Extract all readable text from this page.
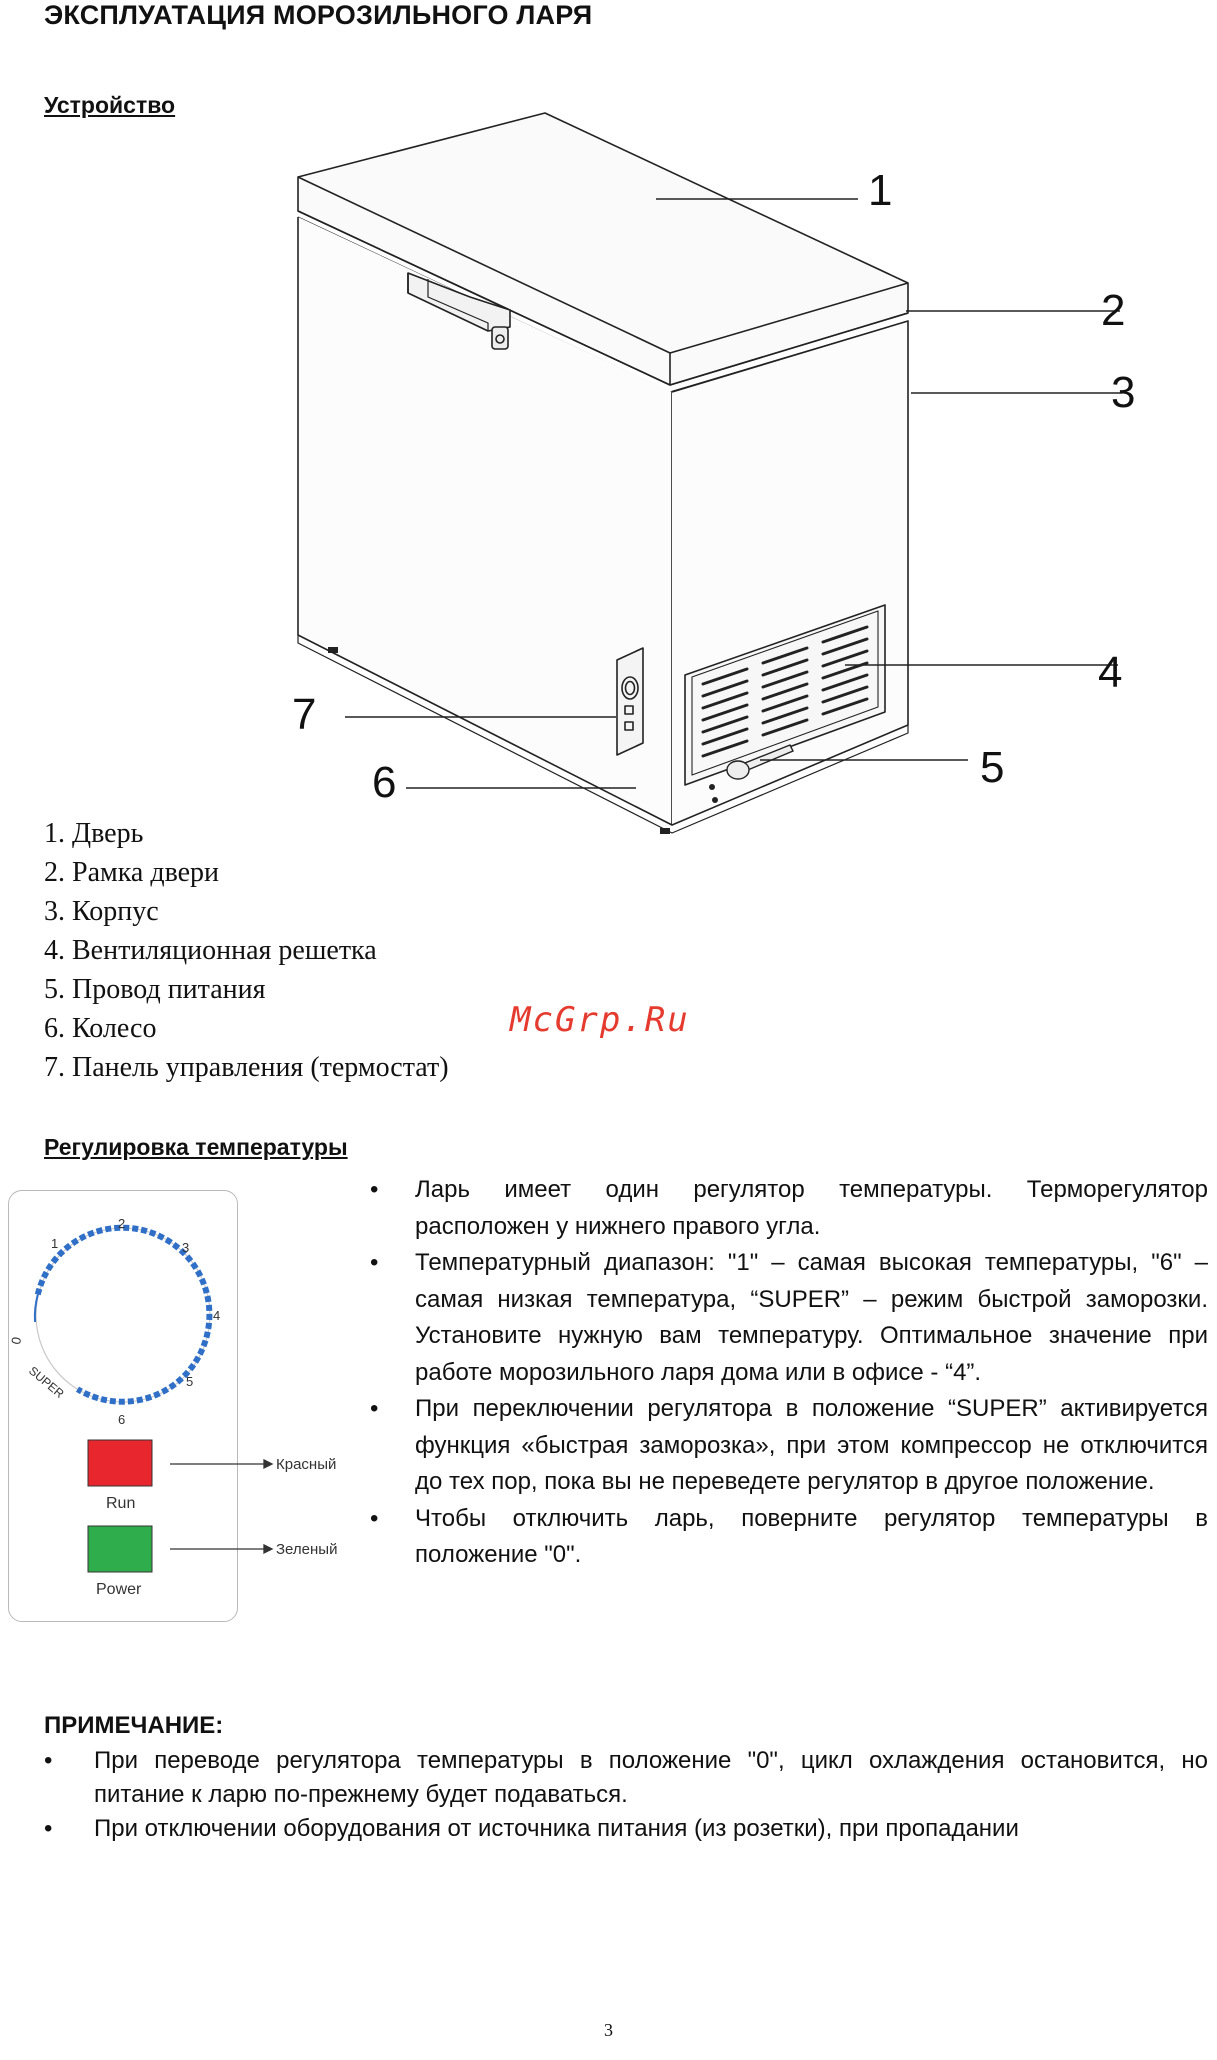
ЭКСПЛУАТАЦИЯ МОРОЗИЛЬНОГО ЛАРЯ
Устройство
1
2
3
4
5
6
7
1. Дверь
2. Рамка двери
3. Корпус
4. Вентиляционная решетка
5. Провод питания
6. Колесо
7. Панель управления (термостат)
McGrp.Ru
Регулировка температуры
0
1
2
3
4
5
6
SUPER
Run
Power
Красный
Зеленый
• Ларь имеет один регулятор температуры. Терморегулятор расположен у нижнего правого угла.
• Температурный диапазон: "1" – самая высокая температуры, "6" – самая низкая температура, “SUPER” – режим быстрой заморозки. Установите нужную вам температуру. Оптимальное значение при работе морозильного ларя дома или в офисе - “4”.
• При переключении регулятора в положение “SUPER” активируется функция «быстрая заморозка», при этом компрессор не отключится до тех пор, пока вы не переведете регулятор в другое положение.
• Чтобы отключить ларь, поверните регулятор температуры в положение "0".
ПРИМЕЧАНИЕ:
• При переводе регулятора температуры в положение "0", цикл охлаждения остановится, но питание к ларю по-прежнему будет подаваться.
• При отключении оборудования от источника питания (из розетки), при пропадании
3
